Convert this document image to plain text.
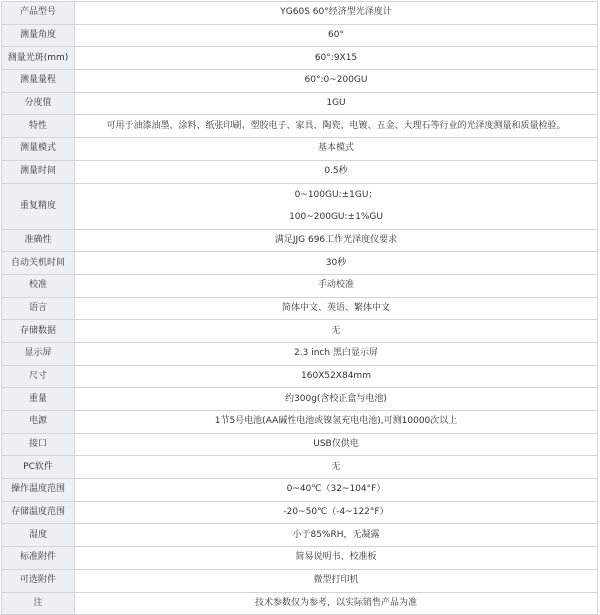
产品型号	YG60S 60°经济型光泽度计
测量角度	60°
测量光斑(mm)	60°:9X15
测量量程	60°:0~200GU
分度值	1GU
特性	可用于油漆油墨、涂料、纸张印刷、塑胶电子、家具、陶瓷、电镀、五金、大理石等行业的光泽度测量和质量检验。
测量模式	基本模式
测量时间	0.5秒
重复精度	0~100GU:±1GU；
100~200GU:±1%GU

准确性	满足JJG 696工作光泽度仪要求
自动关机时间	30秒
校准	手动校准
语言	简体中文、英语、繁体中文
存储数据	无
显示屏	2.3 inch 黑白显示屏
尺寸	160X52X84mm
重量	约300g(含校正盒与电池)
电源	1节5号电池(AA碱性电池或镍氢充电电池),可测10000次以上
接口	USB仅供电
PC软件	无
操作温度范围	0~40℃（32~104°F）
存储温度范围	-20~50℃（-4~122°F）
湿度	小于85%RH，无凝露
标准附件	简易说明书、校准板
可选附件	微型打印机
注	技术参数仅为参考，以实际销售产品为准
